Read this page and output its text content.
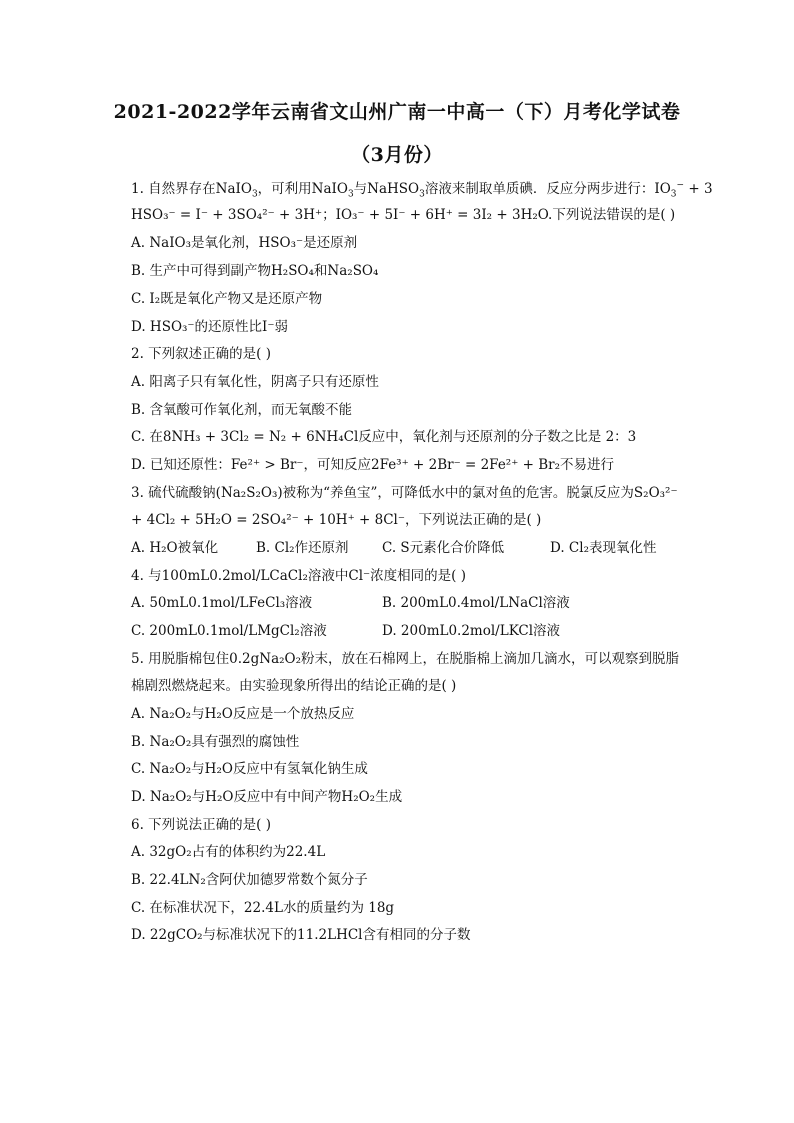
2021-2022学年云南省文山州广南一中高一（下）月考化学试卷
（3月份）
1. 自然界存在NaIO$_3$，可利用NaIO$_3$与NaHSO$_3$溶液来制取单质碘．反应分两步进行：$IO_3^- + 3$
HSO₃⁻ = I⁻ + 3SO₄²⁻ + 3H⁺；IO₃⁻ + 5I⁻ + 6H⁺ = 3I₂ + 3H₂O.下列说法错误的是( )
A. NaIO₃是氧化剂，HSO₃⁻是还原剂
B. 生产中可得到副产物H₂SO₄和Na₂SO₄
C. I₂既是氧化产物又是还原产物
D. HSO₃⁻的还原性比I⁻弱
2. 下列叙述正确的是( )
A. 阳离子只有氧化性，阴离子只有还原性
B. 含氧酸可作氧化剂，而无氧酸不能
C. 在8NH₃ + 3Cl₂ = N₂ + 6NH₄Cl反应中，氧化剂与还原剂的分子数之比是 2：3
D. 已知还原性：Fe²⁺ > Br⁻，可知反应2Fe³⁺ + 2Br⁻ = 2Fe²⁺ + Br₂不易进行
3. 硫代硫酸钠(Na₂S₂O₃)被称为“养鱼宝”，可降低水中的氯对鱼的危害。脱氯反应为S₂O₃²⁻
+ 4Cl₂ + 5H₂O = 2SO₄²⁻ + 10H⁺ + 8Cl⁻，下列说法正确的是( )
A. H₂O被氧化	B. Cl₂作还原剂 C. S元素化合价降低	D. Cl₂表现氧化性
4. 与100mL0.2mol/LCaCl₂溶液中Cl⁻浓度相同的是( )
A. 50mL0.1mol/LFeCl₃溶液	B. 200mL0.4mol/LNaCl溶液
C. 200mL0.1mol/LMgCl₂溶液	D. 200mL0.2mol/LKCl溶液
5. 用脱脂棉包住0.2gNa₂O₂粉末，放在石棉网上，在脱脂棉上滴加几滴水，可以观察到脱脂
棉剧烈燃烧起来。由实验现象所得出的结论正确的是( )
A. Na₂O₂与H₂O反应是一个放热反应
B. Na₂O₂具有强烈的腐蚀性
C. Na₂O₂与H₂O反应中有氢氧化钠生成
D. Na₂O₂与H₂O反应中有中间产物H₂O₂生成
6. 下列说法正确的是( )
A. 32gO₂占有的体积约为22.4L
B. 22.4LN₂含阿伏加德罗常数个氮分子
C. 在标准状况下，22.4L水的质量约为 18g
D. 22gCO₂与标准状况下的11.2LHCl含有相同的分子数
